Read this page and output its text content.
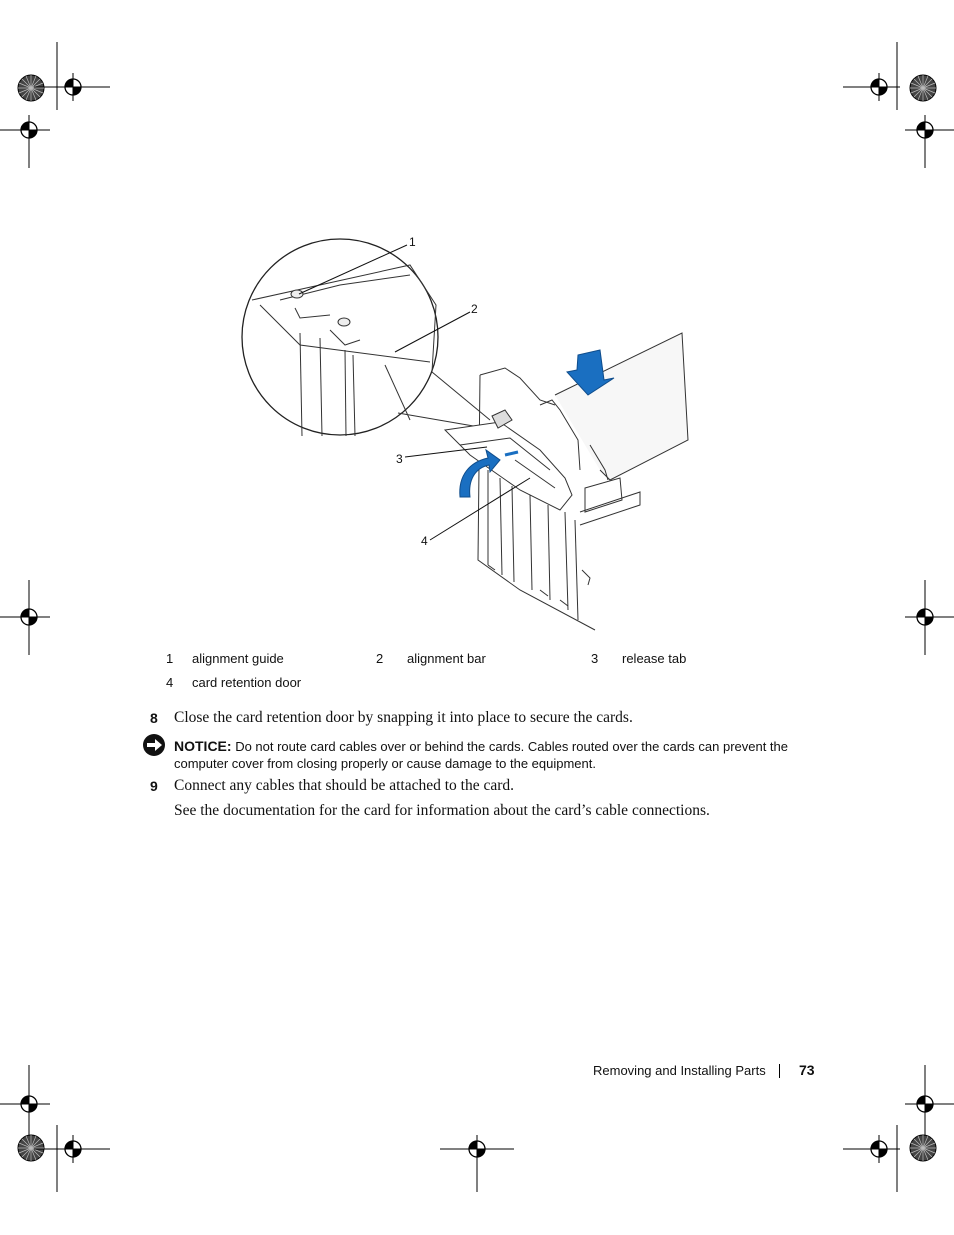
1
2
3
4
1 alignment guide	2 alignment bar	3 release tab
4 card retention door
8 Close the card retention door by snapping it into place to secure the cards.
NOTICE: Do not route card cables over or behind the cards. Cables routed over the cards can prevent the computer cover from closing properly or cause damage to the equipment.
9 Connect any cables that should be attached to the card.
See the documentation for the card for information about the card’s cable connections.
Removing and Installing Parts 73
